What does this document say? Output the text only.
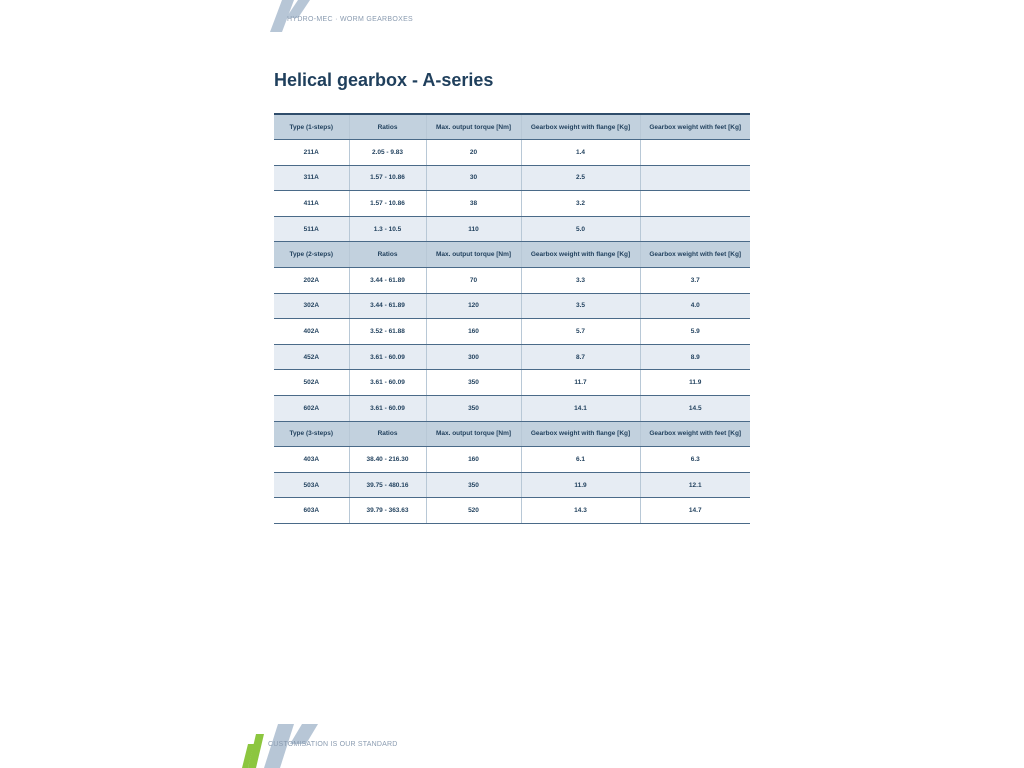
HYDRO-MEC · WORM GEARBOXES
Helical gearbox - A-series
Type (1-steps)	Ratios	Max. output torque [Nm]	Gearbox weight with flange [Kg]	Gearbox weight with feet [Kg]
211A	2.05 - 9.83	20	1.4	
311A	1.57 - 10.86	30	2.5	
411A	1.57 - 10.86	38	3.2	
511A	1.3 - 10.5	110	5.0	
Type (2-steps)	Ratios	Max. output torque [Nm]	Gearbox weight with flange [Kg]	Gearbox weight with feet [Kg]
202A	3.44 - 61.89	70	3.3	3.7
302A	3.44 - 61.89	120	3.5	4.0
402A	3.52 - 61.88	160	5.7	5.9
452A	3.61 - 60.09	300	8.7	8.9
502A	3.61 - 60.09	350	11.7	11.9
602A	3.61 - 60.09	350	14.1	14.5
Type (3-steps)	Ratios	Max. output torque [Nm]	Gearbox weight with flange [Kg]	Gearbox weight with feet [Kg]
403A	38.40 - 216.30	160	6.1	6.3
503A	39.75 - 480.16	350	11.9	12.1
603A	39.79 - 363.63	520	14.3	14.7
CUSTOMISATION IS OUR STANDARD
